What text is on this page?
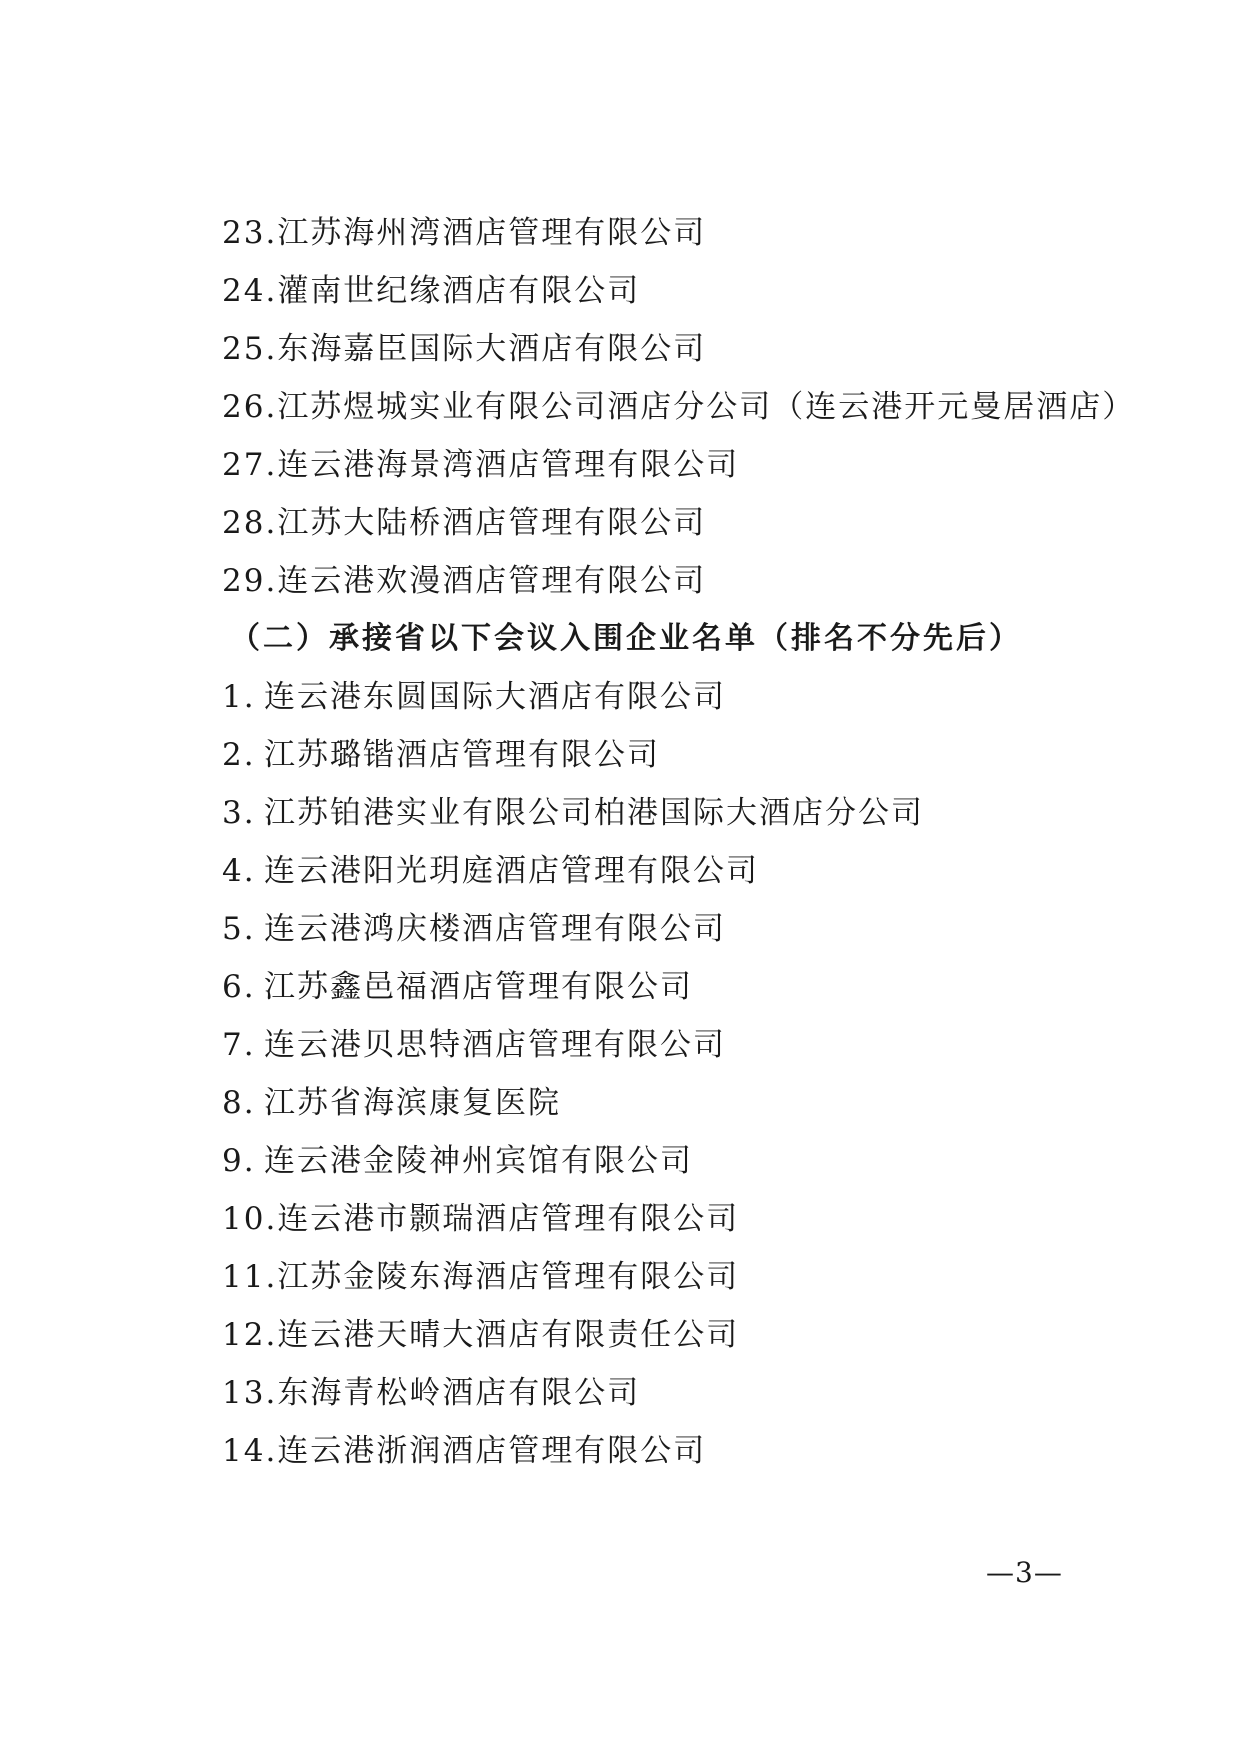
23.江苏海州湾酒店管理有限公司

24.灌南世纪缘酒店有限公司

25.东海嘉臣国际大酒店有限公司

26.江苏煜城实业有限公司酒店分公司（连云港开元曼居酒店）

27.连云港海景湾酒店管理有限公司

28.江苏大陆桥酒店管理有限公司

29.连云港欢漫酒店管理有限公司

（二）承接省以下会议入围企业名单（排名不分先后）

1. 连云港东圆国际大酒店有限公司

2. 江苏璐锴酒店管理有限公司

3. 江苏铂港实业有限公司柏港国际大酒店分公司

4. 连云港阳光玥庭酒店管理有限公司

5. 连云港鸿庆楼酒店管理有限公司

6. 江苏鑫邑福酒店管理有限公司

7. 连云港贝思特酒店管理有限公司

8. 江苏省海滨康复医院

9. 连云港金陵神州宾馆有限公司

10.连云港市颢瑞酒店管理有限公司

11.江苏金陵东海酒店管理有限公司

12.连云港天晴大酒店有限责任公司

13.东海青松岭酒店有限公司

14.连云港浙润酒店管理有限公司

—3—
